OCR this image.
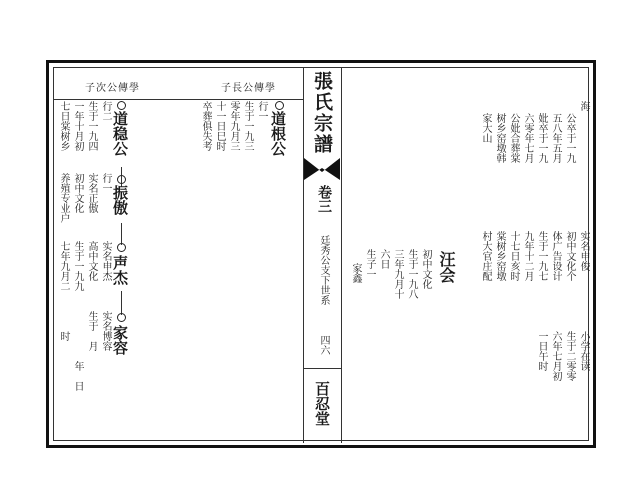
子次公傳學	子長公傳學 張氏宗譜
卷三
廷秀公支下世系
四六
百忍堂
七日棠树乡 一年十月初 生于一九四 行二 道稳公
振傲
行一
实名正傲
初中文化
养殖专业户
声杰
实名申杰
高中文化
生于一九九
七年九月二
家容
实名博容
生于
年
月
日
时
道根公
行一
生于一九三
零年九月三
十一日巳时
卒葬俱失考	海
公卒于一九
五八年五月
妣卒于一九
六零年七月
公妣合葬棠
树乡窑墩韩
家大山
小学在读
生于二零零
六年七月初
一日午时
实名申俊
初中文化个
体广告设计
生于一九七
九年十二月
十七日亥时
棠树乡窑墩
村大官庄配
汪会
初中文化
生于一九八
三年九月十
六日
生子一
家鑫
